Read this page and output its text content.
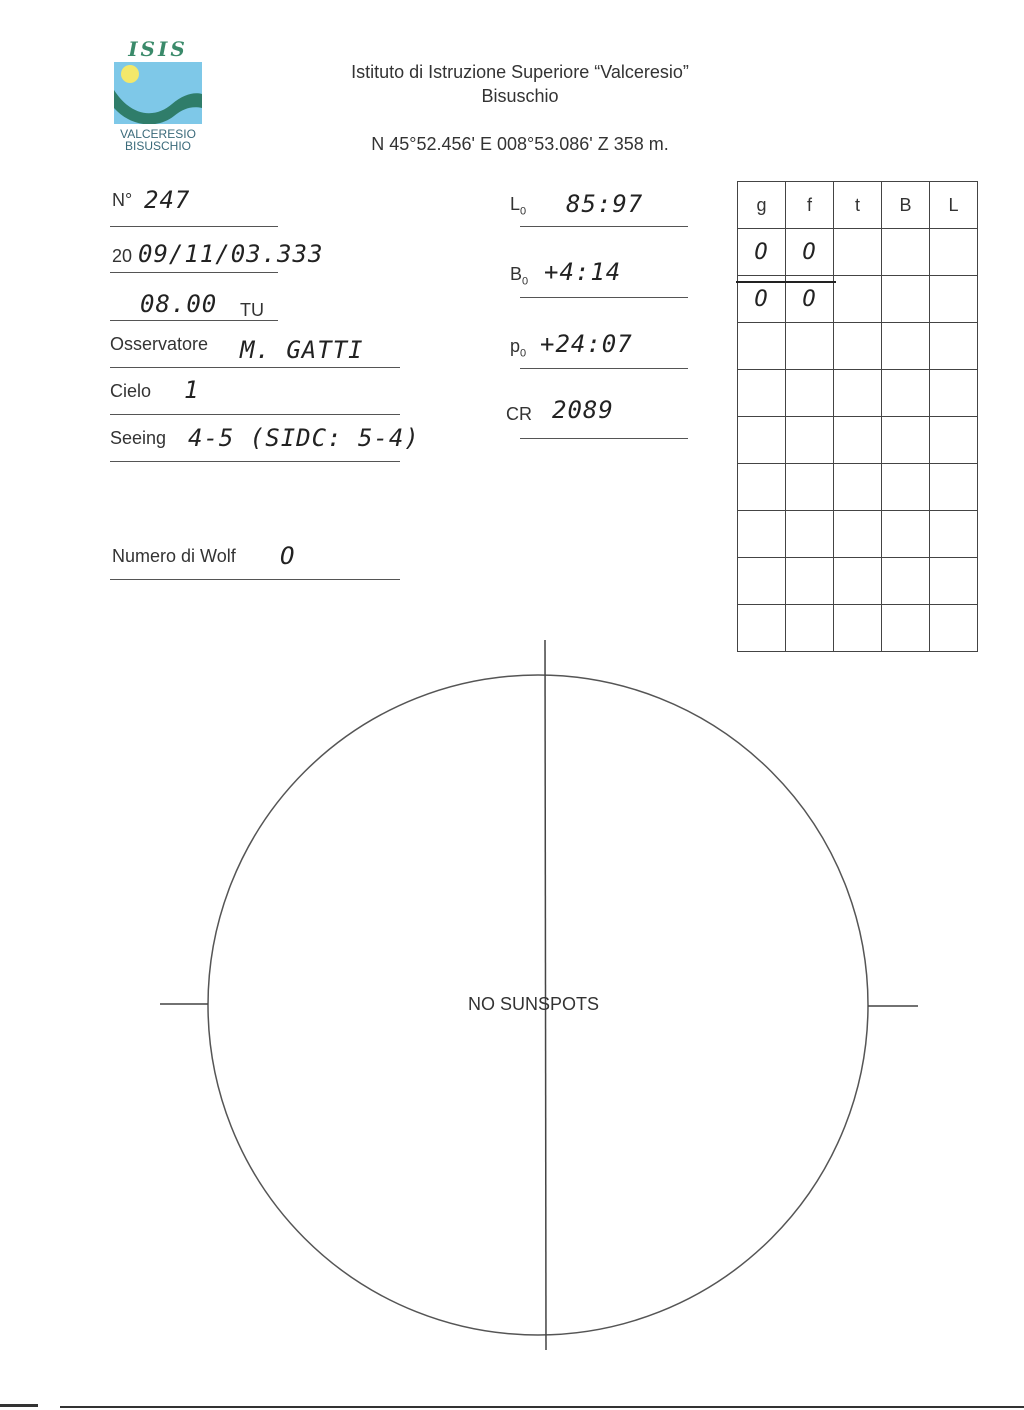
ISIS
VALCERESIO
BISUSCHIO
Istituto di Istruzione Superiore “Valceresio”
Bisuschio
N 45°52.456' E 008°53.086' Z 358 m.
N° 247
20 09/11/03.333
08.00 TU
Osservatore M. GATTI
Cielo 1
Seeing 4-5 (SIDC: 5-4)
Numero di Wolf O
$L_0$ 85:97
$B_0$ +4:14
$p_0$ +24:07
CR 2089
g	f	t	B	L
O	O			
O	O			

NO SUNSPOTS
